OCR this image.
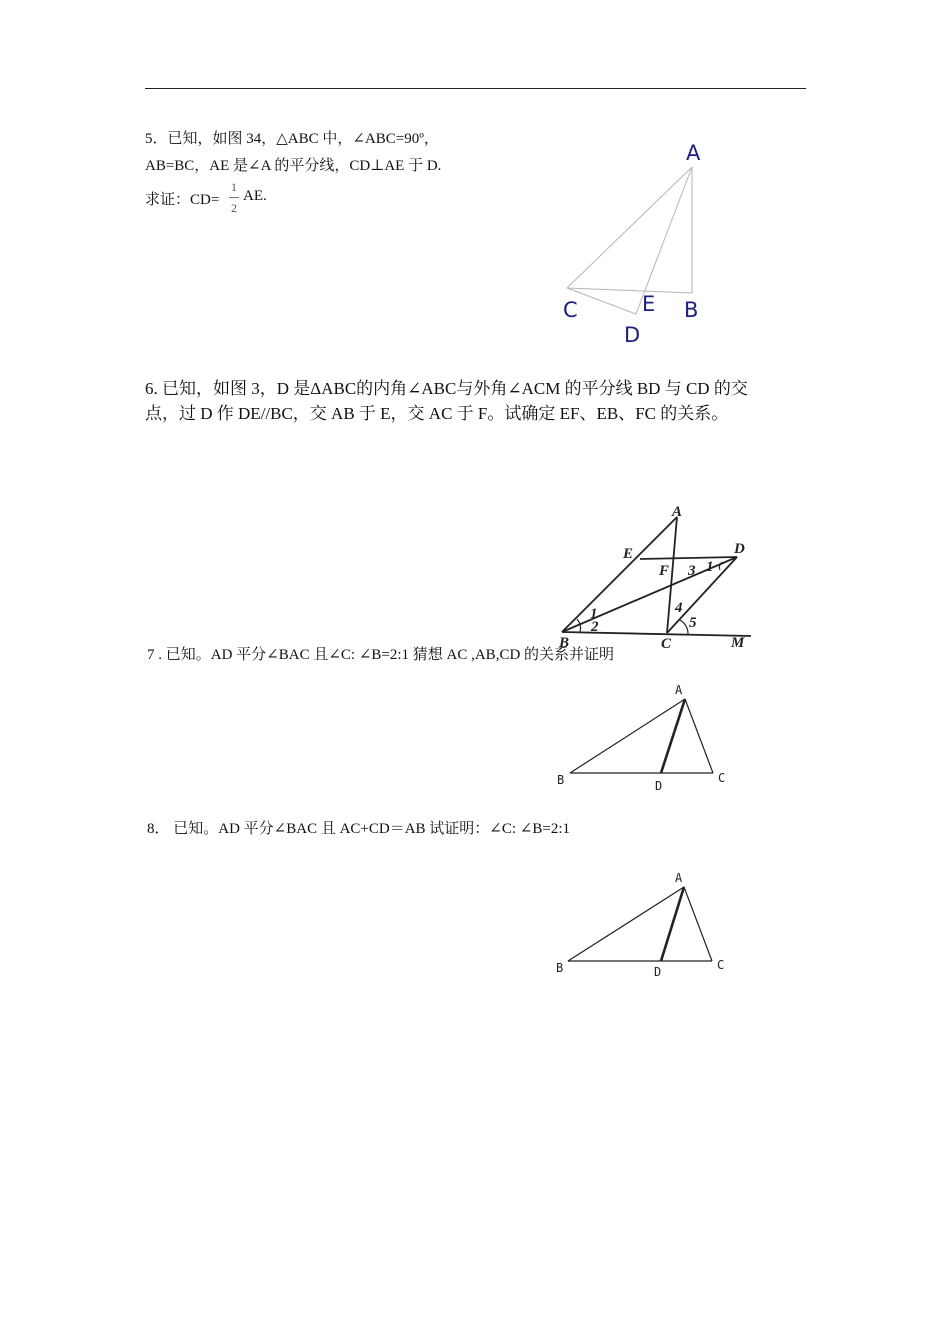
5．已知，如图 34，△ABC 中，∠ABC=90º，
AB=BC，AE 是∠A 的平分线，CD⊥AE 于 D.
求证：CD=
1
2
AE.
6. 已知，如图 3，D 是ΔABC的内角∠ABC与外角∠ACM 的平分线 BD 与 CD 的交
点，过 D 作 DE//BC，交 AB 于 E，交 AC 于 F。试确定 EF、EB、FC 的关系。
7 . 已知。AD 平分∠BAC 且∠C: ∠B=2:1 猜想 AC ,AB,CD 的关系并证明
8． 已知。AD 平分∠BAC 且 AC+CD＝AB 试证明：∠C: ∠B=2:1
A
C	E B
D
A
E	D
F 3 1
1
2
4
5
B	C	M
A
B	D
C
A
B	D	C
